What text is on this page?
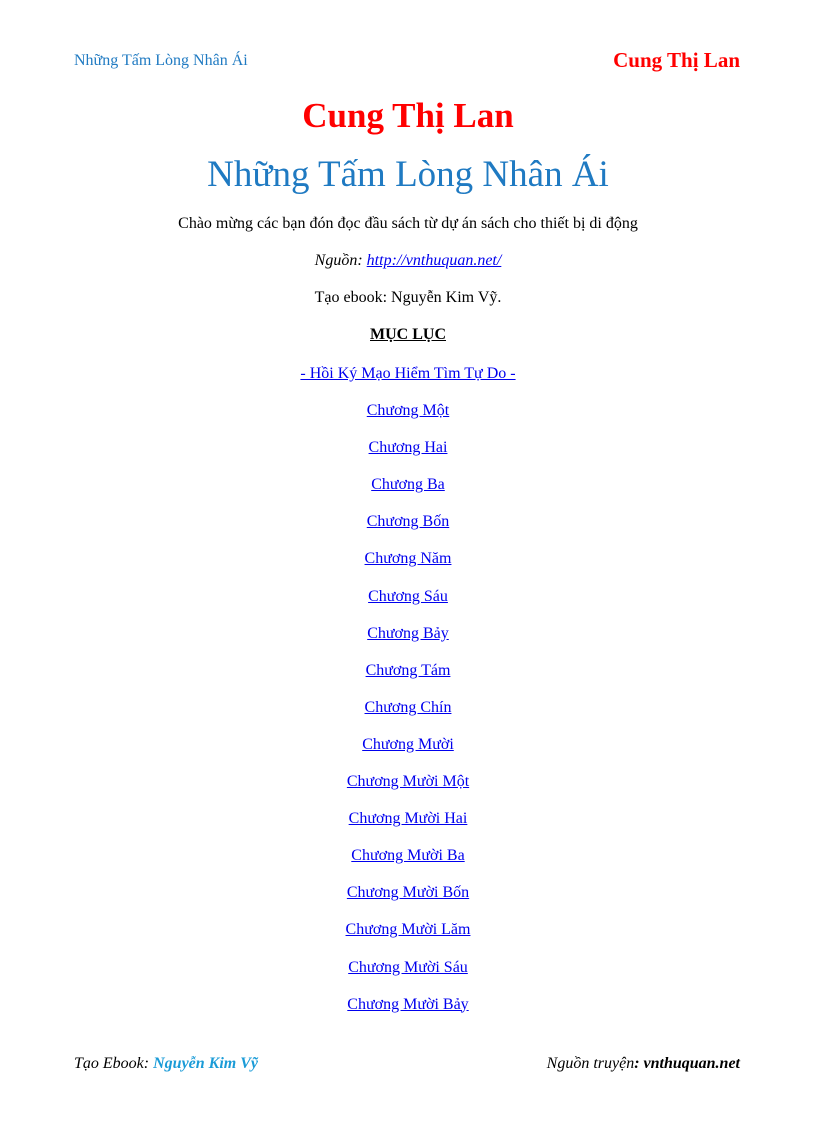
Những Tấm Lòng Nhân Ái	Cung Thị Lan
Cung Thị Lan
Những Tấm Lòng Nhân Ái
Chào mừng các bạn đón đọc đầu sách từ dự án sách cho thiết bị di động
Nguồn: http://vnthuquan.net/
Tạo ebook: Nguyễn Kim Vỹ.
MỤC LỤC
- Hồi Ký Mạo Hiểm Tìm Tự Do -
Chương Một
Chương Hai
Chương Ba
Chương Bốn
Chương Năm
Chương Sáu
Chương Bảy
Chương Tám
Chương Chín
Chương Mười
Chương Mười Một
Chương Mười Hai
Chương Mười Ba
Chương Mười Bốn
Chương Mười Lăm
Chương Mười Sáu
Chương Mười Bảy
Tạo Ebook: Nguyễn Kim Vỹ	Nguồn truyện: vnthuquan.net
